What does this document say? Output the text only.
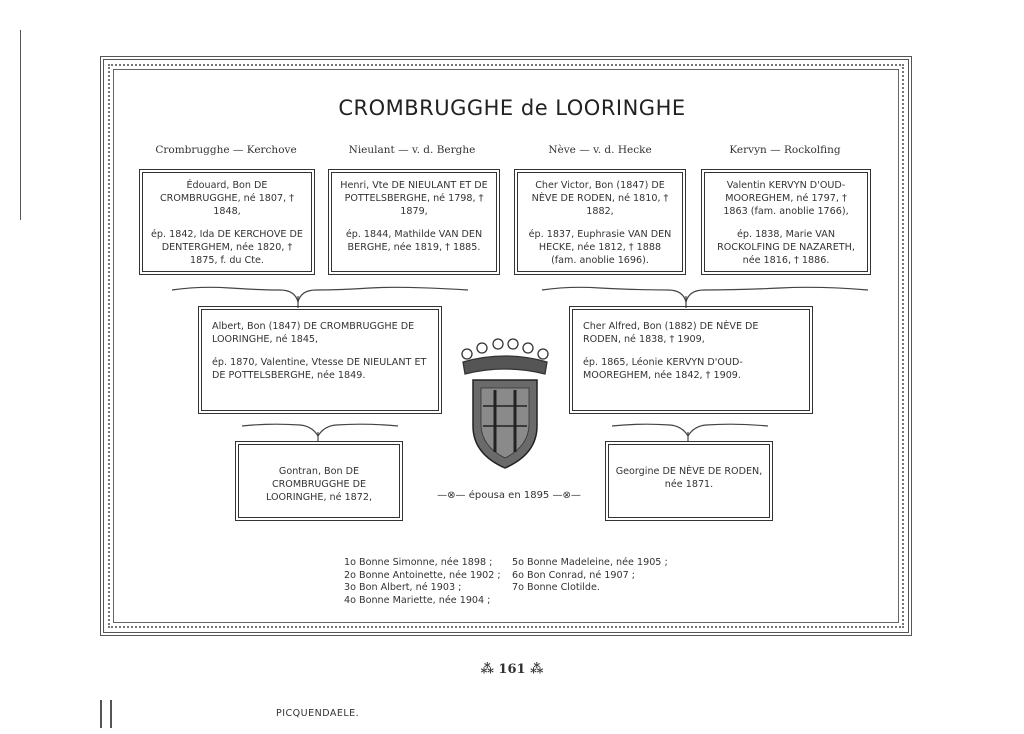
CROMBRUGGHE de LOORINGHE
Crombrugghe — Kerchove	Nieulant — v. d. Berghe	Nève — v. d. Hecke	Kervyn — Rockolfing

Édouard, Bon DE CROMBRUGGHE, né 1807, † 1848,

ép. 1842, Ida DE KERCHOVE DE DENTERGHEM, née 1820, † 1875, f. du Cte.

Henri, Vte DE NIEULANT ET DE POTTELSBERGHE, né 1798, † 1879,

ép. 1844, Mathilde VAN DEN BERGHE, née 1819, † 1885.

Cher Victor, Bon (1847) DE NÈVE DE RODEN, né 1810, † 1882,

ép. 1837, Euphrasie VAN DEN HECKE, née 1812, † 1888 (fam. anoblie 1696).

Valentin KERVYN D'OUD-MOOREGHEM, né 1797, † 1863 (fam. anoblie 1766),

ép. 1838, Marie VAN ROCKOLFING DE NAZARETH, née 1816, † 1886.

Albert, Bon (1847) DE CROMBRUGGHE DE LOORINGHE, né 1845,

ép. 1870, Valentine, Vtesse DE NIEULANT ET DE POTTELSBERGHE, née 1849.

Cher Alfred, Bon (1882) DE NÈVE DE RODEN, né 1838, † 1909,

ép. 1865, Léonie KERVYN D'OUD-MOOREGHEM, née 1842, † 1909.

Gontran, Bon DE CROMBRUGGHE DE LOORINGHE, né 1872,

Georgine DE NÈVE DE RODEN, née 1871.

—⊗— épousa en 1895 —⊗—
1o Bonne Simonne, née 1898 ;
2o Bonne Antoinette, née 1902 ;
3o Bon Albert, né 1903 ;
4o Bonne Mariette, née 1904 ;
5o Bonne Madeleine, née 1905 ;
6o Bon Conrad, né 1907 ;
7o Bonne Clotilde.
⁂ 161 ⁂
PICQUENDAELE.
